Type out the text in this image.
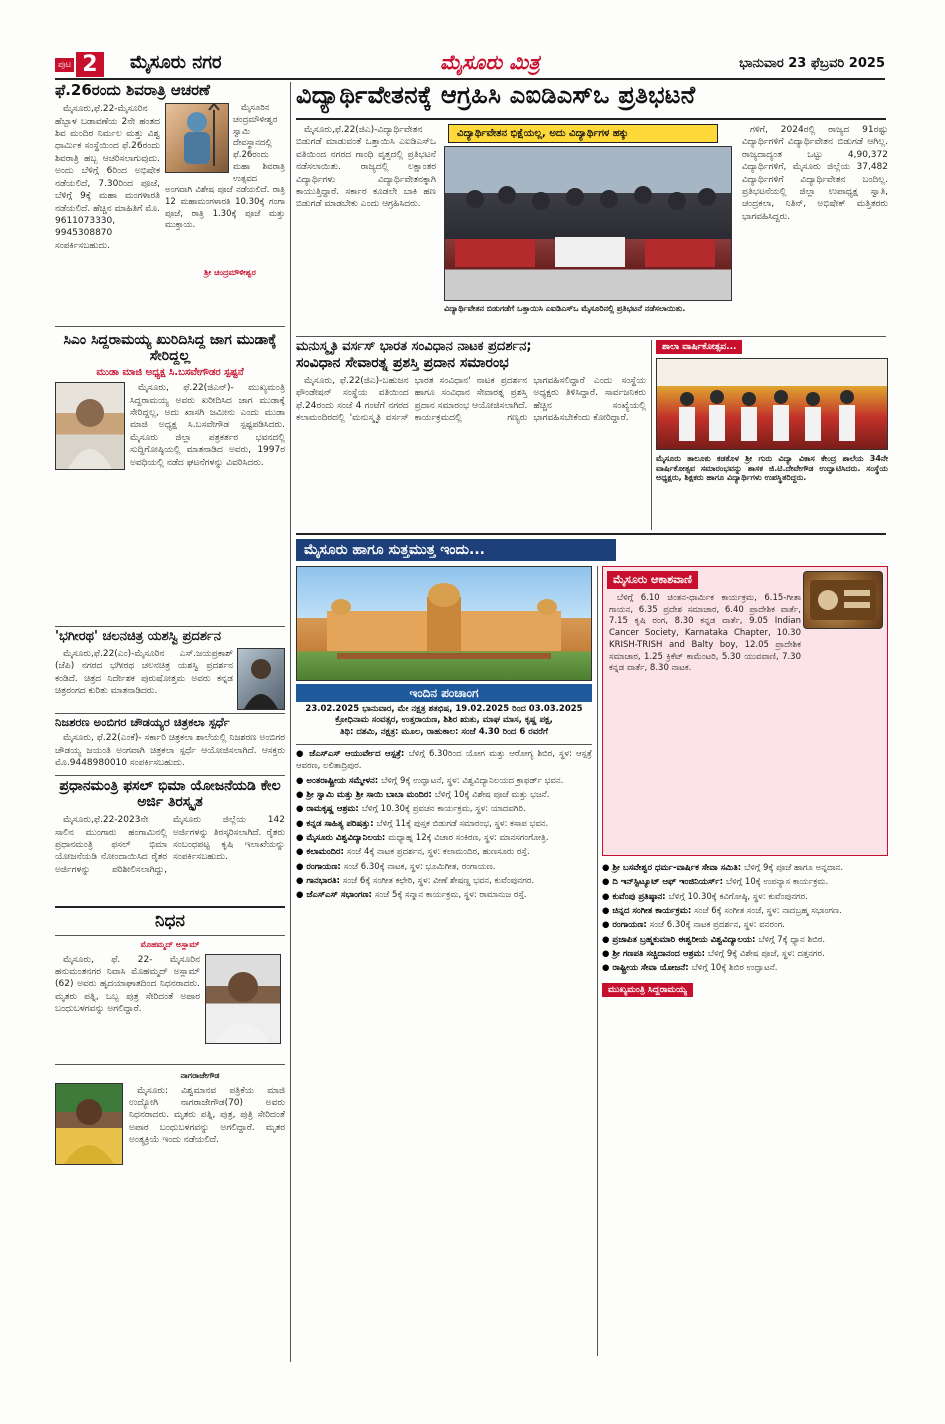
ಪುಟ 2	ಮೈಸೂರು ನಗರ	ಮೈಸೂರು ಮಿತ್ರ	ಭಾನುವಾರ 23 ಫೆಬ್ರವರಿ 2025
ಫೆ.26ರಂದು ಶಿವರಾತ್ರಿ ಆಚರಣೆ

ಮೈಸೂರು,ಫೆ.22-ಮೈಸೂರಿನ ಹೆಬ್ಬಾಳ ಬಡಾವಣೆಯ 2ನೇ ಹಂತದ ಶಿವ ಮಂದಿರ ನಿರ್ಮಲ ಮತ್ತು ವಿಶ್ವ ಧಾರ್ಮಿಕ ಸಂಸ್ಥೆಯಿಂದ ಫೆ.26ರಂದು ಶಿವರಾತ್ರಿ ಹಬ್ಬ ಆಚರಿಸಲಾಗುವುದು. ಅಂದು ಬೆಳಿಗ್ಗೆ 6ರಿಂದ ಅಭಿಷೇಕ ನಡೆಯಲಿದೆ, 7.30ರಿಂದ ಪೂಜೆ, ಬೆಳಿಗ್ಗೆ 9ಕ್ಕೆ ಮಹಾ ಮಂಗಳಾರತಿ ನಡೆಯಲಿದೆ. ಹೆಚ್ಚಿನ ಮಾಹಿತಿಗೆ ಮೊ. 9611073330, 9945308870 ಸಂಪರ್ಕಿಸಬಹುದು.

ಮೈಸೂರಿನ ಚಂದ್ರಮೌಳೀಶ್ವರ ಸ್ವಾಮಿ ದೇವಸ್ಥಾನದಲ್ಲಿ ಫೆ.26ರಂದು ಮಹಾ ಶಿವರಾತ್ರಿ ಉತ್ಸವದ ಅಂಗವಾಗಿ ವಿಶೇಷ ಪೂಜೆ ನಡೆಯಲಿದೆ. ರಾತ್ರಿ 12 ಮಹಾಮಂಗಳಾರತಿ 10.30ಕ್ಕೆ ಗಂಗಾ ಪೂಜೆ, ರಾತ್ರಿ 1.30ಕ್ಕೆ ಪೂಜೆ ಮತ್ತು ಮುಕ್ತಾಯ.

ಶ್ರೀ ಚಂದ್ರಮೌಳೀಶ್ವರ
ಸಿಎಂ ಸಿದ್ದರಾಮಯ್ಯ ಖುರಿದಿಸಿದ್ದ ಜಾಗ ಮುಡಾಕ್ಕೆ ಸೇರಿದ್ದಲ್ಲ
ಮುಡಾ ಮಾಜಿ ಅಧ್ಯಕ್ಷ ಸಿ.ಬಸವೇಗೌಡರ ಸ್ಪಷ್ಟನೆ

ಮೈಸೂರು, ಫೆ.22(ಜಿಎನ್)- ಮುಖ್ಯಮಂತ್ರಿ ಸಿದ್ದರಾಮಯ್ಯ ಅವರು ಖರೀದಿಸಿದ ಜಾಗ ಮುಡಾಕ್ಕೆ ಸೇರಿದ್ದಲ್ಲ, ಅದು ಖಾಸಗಿ ಜಮೀನು ಎಂದು ಮುಡಾ ಮಾಜಿ ಅಧ್ಯಕ್ಷ ಸಿ.ಬಸವೇಗೌಡ ಸ್ಪಷ್ಟಪಡಿಸಿದರು. ಮೈಸೂರು ಜಿಲ್ಲಾ ಪತ್ರಕರ್ತರ ಭವನದಲ್ಲಿ ಸುದ್ದಿಗೋಷ್ಠಿಯಲ್ಲಿ ಮಾತನಾಡಿದ ಅವರು, 1997ರ ಅವಧಿಯಲ್ಲಿ ನಡೆದ ಘಟನೆಗಳನ್ನು ವಿವರಿಸಿದರು.

'ಭಗೀರಥ' ಚಲನಚಿತ್ರ ಯಶಸ್ವಿ ಪ್ರದರ್ಶನ

ಮೈಸೂರು,ಫೆ.22(ಎಂ)-ಮೈಸೂರಿನ ಎಸ್.ಜಯಪ್ರಕಾಶ್ (ಜೆಪಿ) ನಗರದ ಭಗೀರಥ ಚಲನಚಿತ್ರ ಯಶಸ್ವಿ ಪ್ರದರ್ಶನ ಕಂಡಿದೆ. ಚಿತ್ರದ ನಿರ್ದೇಶಕ ಪುರುಷೋತ್ತಮ ಅವರು ಕನ್ನಡ ಚಿತ್ರರಂಗದ ಕುರಿತು ಮಾತನಾಡಿದರು.

ನಿಜಶರಣ ಅಂಬಿಗರ ಚೌಡಯ್ಯರ ಚಿತ್ರಕಲಾ ಸ್ಪರ್ಧೆ

ಮೈಸೂರು, ಫೆ.22(ಎಂಕೆ)- ಸರ್ಕಾರಿ ಚಿತ್ರಕಲಾ ಶಾಲೆಯಲ್ಲಿ ನಿಜಶರಣ ಅಂಬಿಗರ ಚೌಡಯ್ಯ ಜಯಂತಿ ಅಂಗವಾಗಿ ಚಿತ್ರಕಲಾ ಸ್ಪರ್ಧೆ ಆಯೋಜಿಸಲಾಗಿದೆ. ಆಸಕ್ತರು ಮೊ.9448980010 ಸಂಪರ್ಕಿಸಬಹುದು.

ಪ್ರಧಾನಮಂತ್ರಿ ಫಸಲ್ ಭಿಮಾ ಯೋಜನೆಯಡಿ ಕೇಲ ಅರ್ಜಿ ತಿರಸ್ಕೃತ

ಮೈಸೂರು,ಫೆ.22-2023ನೇ ಸಾಲಿನ ಮುಂಗಾರು ಹಂಗಾಮಿನಲ್ಲಿ ಪ್ರಧಾನಮಂತ್ರಿ ಫಸಲ್ ಭಿಮಾ ಯೋಜನೆಯಡಿ ನೋಂದಾಯಿಸಿದ ರೈತರ ಅರ್ಜಿಗಳನ್ನು ಪರಿಶೀಲಿಸಲಾಗಿದ್ದು, ಮೈಸೂರು ಜಿಲ್ಲೆಯ 142 ಅರ್ಜಿಗಳನ್ನು ತಿರಸ್ಕರಿಸಲಾಗಿದೆ. ರೈತರು ಸಂಬಂಧಪಟ್ಟ ಕೃಷಿ ಇಲಾಖೆಯನ್ನು ಸಂಪರ್ಕಿಸಬಹುದು.

ನಿಧನ
ಮೊಹಮ್ಮದ್ ಅಸ್ಲಾಮ್

ಮೈಸೂರು, ಫೆ. 22- ಮೈಸೂರಿನ ಹನುಮಂತನಗರ ನಿವಾಸಿ ಮೊಹಮ್ಮದ್ ಅಸ್ಲಾಮ್ (62) ಅವರು ಹೃದಯಾಘಾತದಿಂದ ನಿಧನರಾದರು. ಮೃತರು ಪತ್ನಿ, ಒಬ್ಬ ಪುತ್ರ ಸೇರಿದಂತೆ ಅಪಾರ ಬಂಧುಬಳಗವನ್ನು ಅಗಲಿದ್ದಾರೆ.

ನಾಗರಾಜೇಗೌಡ

ಮೈಸೂರು: ವಿಶ್ವಮಾನವ ಪತ್ರಿಕೆಯ ಮಾಜಿ ಉದ್ಯೋಗಿ ನಾಗರಾಜೇಗೌಡ(70) ಅವರು ನಿಧನರಾದರು. ಮೃತರು ಪತ್ನಿ, ಪುತ್ರ, ಪುತ್ರಿ ಸೇರಿದಂತೆ ಅಪಾರ ಬಂಧುಬಳಗವನ್ನು ಅಗಲಿದ್ದಾರೆ. ಮೃತರ ಅಂತ್ಯಕ್ರಿಯೆ ಇಂದು ನಡೆಯಲಿದೆ.

ವಿದ್ಯಾರ್ಥಿವೇತನಕ್ಕೆ ಆಗ್ರಹಿಸಿ ಎಐಡಿಎಸ್‌ಒ ಪ್ರತಿಭಟನೆ

ಮೈಸೂರು,ಫೆ.22(ಜಿಎ)-ವಿದ್ಯಾರ್ಥಿವೇತನ ಬಿಡುಗಡೆ ಮಾಡುವಂತೆ ಒತ್ತಾಯಿಸಿ ಎಐಡಿಎಸ್‌ಒ ವತಿಯಿಂದ ನಗರದ ಗಾಂಧಿ ವೃತ್ತದಲ್ಲಿ ಪ್ರತಿಭಟನೆ ನಡೆಸಲಾಯಿತು. ರಾಜ್ಯದಲ್ಲಿ ಲಕ್ಷಾಂತರ ವಿದ್ಯಾರ್ಥಿಗಳು ವಿದ್ಯಾರ್ಥಿವೇತನಕ್ಕಾಗಿ ಕಾಯುತ್ತಿದ್ದಾರೆ. ಸರ್ಕಾರ ಕೂಡಲೇ ಬಾಕಿ ಹಣ ಬಿಡುಗಡೆ ಮಾಡಬೇಕು ಎಂದು ಆಗ್ರಹಿಸಿದರು.

ವಿದ್ಯಾರ್ಥಿವೇತನ ಭಿಕ್ಷೆಯಲ್ಲ, ಅದು ವಿದ್ಯಾರ್ಥಿಗಳ ಹಕ್ಕು
ವಿದ್ಯಾರ್ಥಿವೇತನ ಬಿಡುಗಡೆಗೆ ಒತ್ತಾಯಿಸಿ ಎಐಡಿಎಸ್‌ಒ ಮೈಸೂರಿನಲ್ಲಿ ಪ್ರತಿಭಟನೆ ನಡೆಸಲಾಯಿತು.

ಗಳಿಗೆ, 2024ರಲ್ಲಿ ರಾಜ್ಯದ 91ರಷ್ಟು ವಿದ್ಯಾರ್ಥಿಗಳಿಗೆ ವಿದ್ಯಾರ್ಥಿವೇತನ ಬಿಡುಗಡೆ ಆಗಿಲ್ಲ. ರಾಜ್ಯದಾದ್ಯಂತ ಒಟ್ಟು 4,90,372 ವಿದ್ಯಾರ್ಥಿಗಳಿಗೆ, ಮೈಸೂರು ಜಿಲ್ಲೆಯ 37,482 ವಿದ್ಯಾರ್ಥಿಗಳಿಗೆ ವಿದ್ಯಾರ್ಥಿವೇತನ ಬಂದಿಲ್ಲ. ಪ್ರತಿಭಟನೆಯಲ್ಲಿ ಜಿಲ್ಲಾ ಉಪಾಧ್ಯಕ್ಷ ಸ್ವಾತಿ, ಚಂದ್ರಕಲಾ, ನಿತಿನ್, ಅಭಿಷೇಕ್ ಮತ್ತಿತರರು ಭಾಗವಹಿಸಿದ್ದರು.

ಮನುಸ್ಮೃತಿ ವರ್ಸಸ್ ಭಾರತ ಸಂವಿಧಾನ ನಾಟಕ ಪ್ರದರ್ಶನ;
ಸಂವಿಧಾನ ಸೇವಾರತ್ನ ಪ್ರಶಸ್ತಿ ಪ್ರದಾನ ಸಮಾರಂಭ

ಮೈಸೂರು, ಫೆ.22(ಜಿಎ)-ಬಹುಜನ ಫೌಂಡೇಷನ್ ಸಂಸ್ಥೆಯ ವತಿಯಿಂದ ಫೆ.24ರಂದು ಸಂಜೆ 4 ಗಂಟೆಗೆ ನಗರದ ಕಲಾಮಂದಿರದಲ್ಲಿ 'ಮನುಸ್ಮೃತಿ ವರ್ಸಸ್ ಭಾರತ ಸಂವಿಧಾನ' ನಾಟಕ ಪ್ರದರ್ಶನ ಹಾಗೂ ಸಂವಿಧಾನ ಸೇವಾರತ್ನ ಪ್ರಶಸ್ತಿ ಪ್ರದಾನ ಸಮಾರಂಭ ಆಯೋಜಿಸಲಾಗಿದೆ. ಕಾರ್ಯಕ್ರಮದಲ್ಲಿ ಗಣ್ಯರು ಭಾಗವಹಿಸಲಿದ್ದಾರೆ ಎಂದು ಸಂಸ್ಥೆಯ ಅಧ್ಯಕ್ಷರು ತಿಳಿಸಿದ್ದಾರೆ. ಸಾರ್ವಜನಿಕರು ಹೆಚ್ಚಿನ ಸಂಖ್ಯೆಯಲ್ಲಿ ಭಾಗವಹಿಸಬೇಕೆಂದು ಕೋರಿದ್ದಾರೆ.

ಶಾಲಾ ವಾರ್ಷಿಕೋತ್ಸವ...
ಮೈಸೂರು ತಾಲೂಕು ಕಡಕೊಳ ಶ್ರೀ ಗುರು ವಿದ್ಯಾ ವಿಕಾಸ ಕೇಂದ್ರ ಶಾಲೆಯ 34ನೇ ವಾರ್ಷಿಕೋತ್ಸವ ಸಮಾರಂಭವನ್ನು ಶಾಸಕ ಜಿ.ಟಿ.ದೇವೇಗೌಡ ಉದ್ಘಾಟಿಸಿದರು. ಸಂಸ್ಥೆಯ ಅಧ್ಯಕ್ಷರು, ಶಿಕ್ಷಕರು ಹಾಗೂ ವಿದ್ಯಾರ್ಥಿಗಳು ಉಪಸ್ಥಿತರಿದ್ದರು.
ಮೈಸೂರು ಹಾಗೂ ಸುತ್ತಮುತ್ತ ಇಂದು...
ಇಂದಿನ ಪಂಚಾಂಗ
23.02.2025 ಭಾನುವಾರ, ಮೇ ನಕ್ಷತ್ರ ಶತಭಿಷ, 19.02.2025 ರಿಂದ 03.03.2025
ಕ್ರೋಧಿನಾಮ ಸಂವತ್ಸರ, ಉತ್ತರಾಯಣ, ಶಿಶಿರ ಋತು, ಮಾಘ ಮಾಸ, ಕೃಷ್ಣ ಪಕ್ಷ,
ತಿಥಿ: ದಶಮಿ, ನಕ್ಷತ್ರ: ಮೂಲ, ರಾಹುಕಾಲ: ಸಂಜೆ 4.30 ರಿಂದ 6 ರವರೆಗೆ
● ಜೆಎಸ್‌ಎಸ್ ಆಯುರ್ವೇದ ಆಸ್ಪತ್ರೆ: ಬೆಳಿಗ್ಗೆ 6.30ರಿಂದ ಯೋಗ ಮತ್ತು ಆರೋಗ್ಯ ಶಿಬಿರ, ಸ್ಥಳ: ಆಸ್ಪತ್ರೆ ಆವರಣ, ಲಲಿತಾದ್ರಿಪುರ.
● ಅಂತರಾಷ್ಟ್ರೀಯ ಸಮ್ಮೇಳನ: ಬೆಳಿಗ್ಗೆ 9ಕ್ಕೆ ಉದ್ಘಾಟನೆ, ಸ್ಥಳ: ವಿಶ್ವವಿದ್ಯಾನಿಲಯದ ಕ್ರಾಫರ್ಡ್ ಭವನ.
● ಶ್ರೀ ಸ್ವಾಮಿ ಮತ್ತು ಶ್ರೀ ಸಾಯಿ ಬಾಬಾ ಮಂದಿರ: ಬೆಳಿಗ್ಗೆ 10ಕ್ಕೆ ವಿಶೇಷ ಪೂಜೆ ಮತ್ತು ಭಜನೆ.
● ರಾಮಕೃಷ್ಣ ಆಶ್ರಮ: ಬೆಳಿಗ್ಗೆ 10.30ಕ್ಕೆ ಪ್ರವಚನ ಕಾರ್ಯಕ್ರಮ, ಸ್ಥಳ: ಯಾದವಗಿರಿ.
● ಕನ್ನಡ ಸಾಹಿತ್ಯ ಪರಿಷತ್ತು: ಬೆಳಿಗ್ಗೆ 11ಕ್ಕೆ ಪುಸ್ತಕ ಬಿಡುಗಡೆ ಸಮಾರಂಭ, ಸ್ಥಳ: ಕಸಾಪ ಭವನ.
● ಮೈಸೂರು ವಿಶ್ವವಿದ್ಯಾನಿಲಯ: ಮಧ್ಯಾಹ್ನ 12ಕ್ಕೆ ವಿಚಾರ ಸಂಕಿರಣ, ಸ್ಥಳ: ಮಾನಸಗಂಗೋತ್ರಿ.
● ಕಲಾಮಂದಿರ: ಸಂಜೆ 4ಕ್ಕೆ ನಾಟಕ ಪ್ರದರ್ಶನ, ಸ್ಥಳ: ಕಲಾಮಂದಿರ, ಹುಣಸೂರು ರಸ್ತೆ.
● ರಂಗಾಯಣ: ಸಂಜೆ 6.30ಕ್ಕೆ ನಾಟಕ, ಸ್ಥಳ: ಭೂಮಿಗೀತ, ರಂಗಾಯಣ.
● ಗಾನಭಾರತಿ: ಸಂಜೆ 6ಕ್ಕೆ ಸಂಗೀತ ಕಛೇರಿ, ಸ್ಥಳ: ವೀಣೆ ಶೇಷಣ್ಣ ಭವನ, ಕುವೆಂಪುನಗರ.
● ಜೆಎಸ್‌ಎಸ್ ಸಭಾಂಗಣ: ಸಂಜೆ 5ಕ್ಕೆ ಸನ್ಮಾನ ಕಾರ್ಯಕ್ರಮ, ಸ್ಥಳ: ರಾಮಾನುಜ ರಸ್ತೆ.
ಮೈಸೂರು ಆಕಾಶವಾಣಿ

ಬೆಳಿಗ್ಗೆ 6.10 ಚಿಂತನ-ಧಾರ್ಮಿಕ ಕಾರ್ಯಕ್ರಮ, 6.15-ಗೀತಾ ಗಾಯನ, 6.35 ಪ್ರದೇಶ ಸಮಾಚಾರ, 6.40 ಪ್ರಾದೇಶಿಕ ವಾರ್ತೆ, 7.15 ಕೃಷಿ ರಂಗ, 8.30 ಕನ್ನಡ ವಾರ್ತೆ, 9.05 Indian Cancer Society, Karnataka Chapter, 10.30 KRISH-TRISH and Balty boy, 12.05 ಪ್ರಾದೇಶಿಕ ಸಮಾಚಾರ, 1.25 ಕ್ರಿಕೆಟ್ ಕಾಮೆಂಟರಿ, 5.30 ಯುವವಾಣಿ, 7.30 ಕನ್ನಡ ವಾರ್ತೆ, 8.30 ನಾಟಕ.

● ಶ್ರೀ ಬಸವೇಶ್ವರ ಧರ್ಮ-ವಾರ್ಷಿಕ ಸೇವಾ ಸಮಿತಿ: ಬೆಳಿಗ್ಗೆ 9ಕ್ಕೆ ಪೂಜೆ ಹಾಗೂ ಅನ್ನದಾನ.
● ದಿ ಇನ್‌ಸ್ಟಿಟ್ಯೂಟ್ ಆಫ್ ಇಂಜಿನಿಯರ್ಸ್: ಬೆಳಿಗ್ಗೆ 10ಕ್ಕೆ ಉಪನ್ಯಾಸ ಕಾರ್ಯಕ್ರಮ.
● ಕುವೆಂಪು ಪ್ರತಿಷ್ಠಾನ: ಬೆಳಿಗ್ಗೆ 10.30ಕ್ಕೆ ಕವಿಗೋಷ್ಠಿ, ಸ್ಥಳ: ಕುವೆಂಪುನಗರ.
● ಚಿನ್ನದ ಸಂಗೀತ ಕಾರ್ಯಕ್ರಮ: ಸಂಜೆ 6ಕ್ಕೆ ಸಂಗೀತ ಸಂಜೆ, ಸ್ಥಳ: ನಾದಬ್ರಹ್ಮ ಸಭಾಂಗಣ.
● ರಂಗಾಯಣ: ಸಂಜೆ 6.30ಕ್ಕೆ ನಾಟಕ ಪ್ರದರ್ಶನ, ಸ್ಥಳ: ವನರಂಗ.
● ಪ್ರಜಾಪಿತ ಬ್ರಹ್ಮಕುಮಾರಿ ಈಶ್ವರೀಯ ವಿಶ್ವವಿದ್ಯಾಲಯ: ಬೆಳಿಗ್ಗೆ 7ಕ್ಕೆ ಧ್ಯಾನ ಶಿಬಿರ.
● ಶ್ರೀ ಗಣಪತಿ ಸಚ್ಚಿದಾನಂದ ಆಶ್ರಮ: ಬೆಳಿಗ್ಗೆ 9ಕ್ಕೆ ವಿಶೇಷ ಪೂಜೆ, ಸ್ಥಳ: ದತ್ತನಗರ.
● ರಾಷ್ಟ್ರೀಯ ಸೇವಾ ಯೋಜನೆ: ಬೆಳಿಗ್ಗೆ 10ಕ್ಕೆ ಶಿಬಿರ ಉದ್ಘಾಟನೆ.
ಮುಖ್ಯಮಂತ್ರಿ ಸಿದ್ದರಾಮಯ್ಯ
